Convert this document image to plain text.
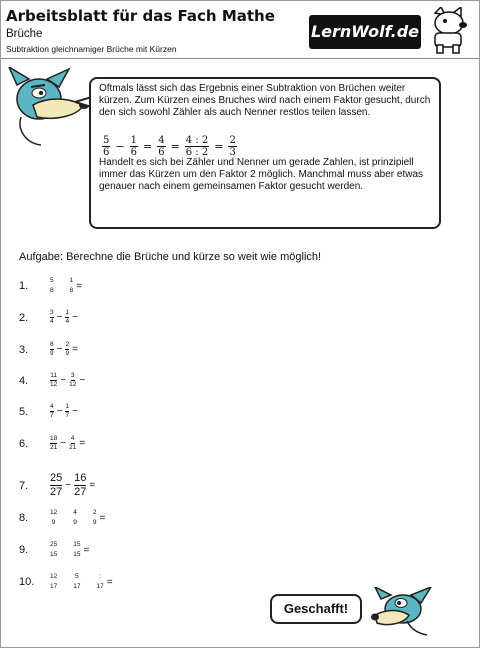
Arbeitsblatt für das Fach Mathe
Brüche
Subtraktion gleichnamiger Brüche mit Kürzen
LernWolf.de

Oftmals lässt sich das Ergebnis einer Subtraktion von Brüchen weiter kürzen. Zum Kürzen eines Bruches wird nach einem Faktor gesucht, durch den sich sowohl Zähler als auch Nenner restlos teilen lassen.

$\frac{5}{6} - \frac{1}{6} = \frac{4}{6} = \frac{4 : 2}{6 : 2} = \frac{2}{3}$

Handelt es sich bei Zähler und Nenner um gerade Zahlen, ist prinzipiell immer das Kürzen um den Faktor 2 möglich. Manchmal muss aber etwas genauer nach einem gemeinsamen Faktor gesucht werden.

Aufgabe: Berechne die Brüche und kürze so weit wie möglich!
1.	5
8
1
8 =
2.	3
$4 - \frac{1}{4}$ −
3.	8
$9 - \frac{2}{9}$ =
4.	11
$12 - \frac{3}{12}$ −
5.	4
$7 - \frac{1}{7}$ −
6.	18
$21 - \frac{4}{21}$ =
7.
25
27
− $\frac{16}{27}$ =
8.	12
9
4
9
2
9 =
9.	25
15
15
15 =
10.	12
17
5
17
:
17 =
Geschafft!
